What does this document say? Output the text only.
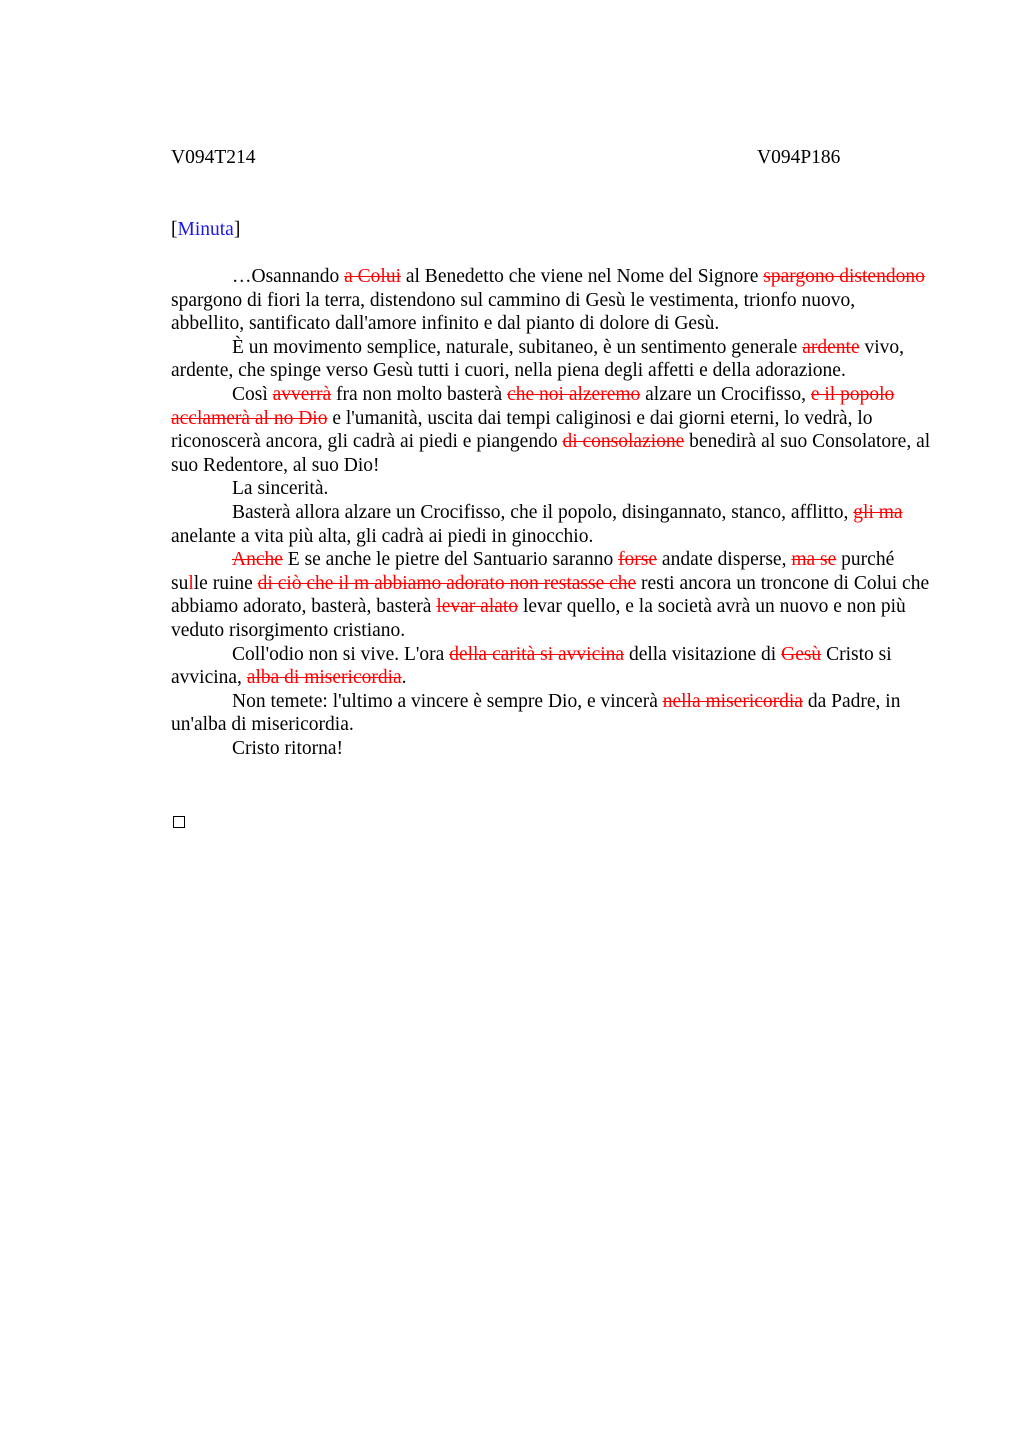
V094T214	V094P186
[Minuta]

…Osannando a Colui al Benedetto che viene nel Nome del Signore spargono distendono spargono di fiori la terra, distendono sul cammino di Gesù le vestimenta, trionfo nuovo, abbellito, santificato dall'amore infinito e dal pianto di dolore di Gesù.

È un movimento semplice, naturale, subitaneo, è un sentimento generale ardente vivo, ardente, che spinge verso Gesù tutti i cuori, nella piena degli affetti e della adorazione.

Così avverrà fra non molto basterà che noi alzeremo alzare un Crocifisso, e il popolo acclamerà al no Dio e l'umanità, uscita dai tempi caliginosi e dai giorni eterni, lo vedrà, lo riconoscerà ancora, gli cadrà ai piedi e piangendo di consolazione benedirà al suo Consolatore, al suo Redentore, al suo Dio!

La sincerità.

Basterà allora alzare un Crocifisso, che il popolo, disingannato, stanco, afflitto, gli ma anelante a vita più alta, gli cadrà ai piedi in ginocchio.

Anche E se anche le pietre del Santuario saranno forse andate disperse, ma se purché sulle ruine di ciò che il m abbiamo adorato non restasse che resti ancora un troncone di Colui che abbiamo adorato, basterà, basterà levar alato levar quello, e la società avrà un nuovo e non più veduto risorgimento cristiano.

Coll'odio non si vive. L'ora della carità si avvicina della visitazione di Gesù Cristo si avvicina, alba di misericordia.

Non temete: l'ultimo a vincere è sempre Dio, e vincerà nella misericordia da Padre, in un'alba di misericordia.

Cristo ritorna!
